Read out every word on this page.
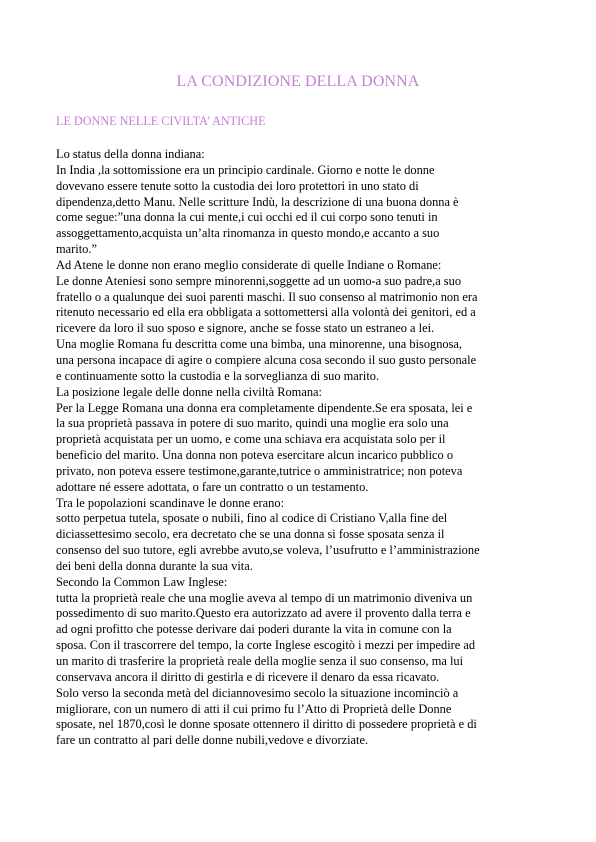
LA CONDIZIONE DELLA DONNA
LE DONNE NELLE CIVILTA’ ANTICHE
Lo status della donna indiana:
In India ,la sottomissione era un principio cardinale. Giorno e notte le donne
dovevano essere tenute sotto la custodia dei loro protettori in uno stato di
dipendenza,detto Manu. Nelle scritture Indù, la descrizione di una buona donna è
come segue:”una donna la cui mente,i cui occhi ed il cui corpo sono tenuti in
assoggettamento,acquista un’alta rinomanza in questo mondo,e accanto a suo
marito.”
Ad Atene le donne non erano meglio considerate di quelle Indiane o Romane:
Le donne Ateniesi sono sempre minorenni,soggette ad un uomo-a suo padre,a suo
fratello o a qualunque dei suoi parenti maschi. Il suo consenso al matrimonio non era
ritenuto necessario ed ella era obbligata a sottomettersi alla volontà dei genitori, ed a
ricevere da loro il suo sposo e signore, anche se fosse stato un estraneo a lei.
Una moglie Romana fu descritta come una bimba, una minorenne, una bisognosa,
una persona incapace di agire o compiere alcuna cosa secondo il suo gusto personale
e continuamente sotto la custodia e la sorveglianza di suo marito.
La posizione legale delle donne nella civiltà Romana:
Per la Legge Romana una donna era completamente dipendente.Se era sposata, lei e
la sua proprietà passava in potere di suo marito, quindi una moglie era solo una
proprietà acquistata per un uomo, e come una schiava era acquistata solo per il
beneficio del marito. Una donna non poteva esercitare alcun incarico pubblico o
privato, non poteva essere testimone,garante,tutrice o amministratrice; non poteva
adottare né essere adottata, o fare un contratto o un testamento.
Tra le popolazioni scandinave le donne erano:
sotto perpetua tutela, sposate o nubili, fino al codice di Cristiano V,alla fine del
diciassettesimo secolo, era decretato che se una donna si fosse sposata senza il
consenso del suo tutore, egli avrebbe avuto,se voleva, l’usufrutto e l’amministrazione
dei beni della donna durante la sua vita.
Secondo la Common Law Inglese:
tutta la proprietà reale che una moglie aveva al tempo di un matrimonio diveniva un
possedimento di suo marito.Questo era autorizzato ad avere il provento dalla terra e
ad ogni profitto che potesse derivare dai poderi durante la vita in comune con la
sposa. Con il trascorrere del tempo, la corte Inglese escogitò i mezzi per impedire ad
un marito di trasferire la proprietà reale della moglie senza il suo consenso, ma lui
conservava ancora il diritto di gestirla e di ricevere il denaro da essa ricavato.
Solo verso la seconda metà del diciannovesimo secolo la situazione incominciò a
migliorare, con un numero di atti il cui primo fu l’Atto di Proprietà delle Donne
sposate, nel 1870,così le donne sposate ottennero il diritto di possedere proprietà e di
fare un contratto al pari delle donne nubili,vedove e divorziate.
